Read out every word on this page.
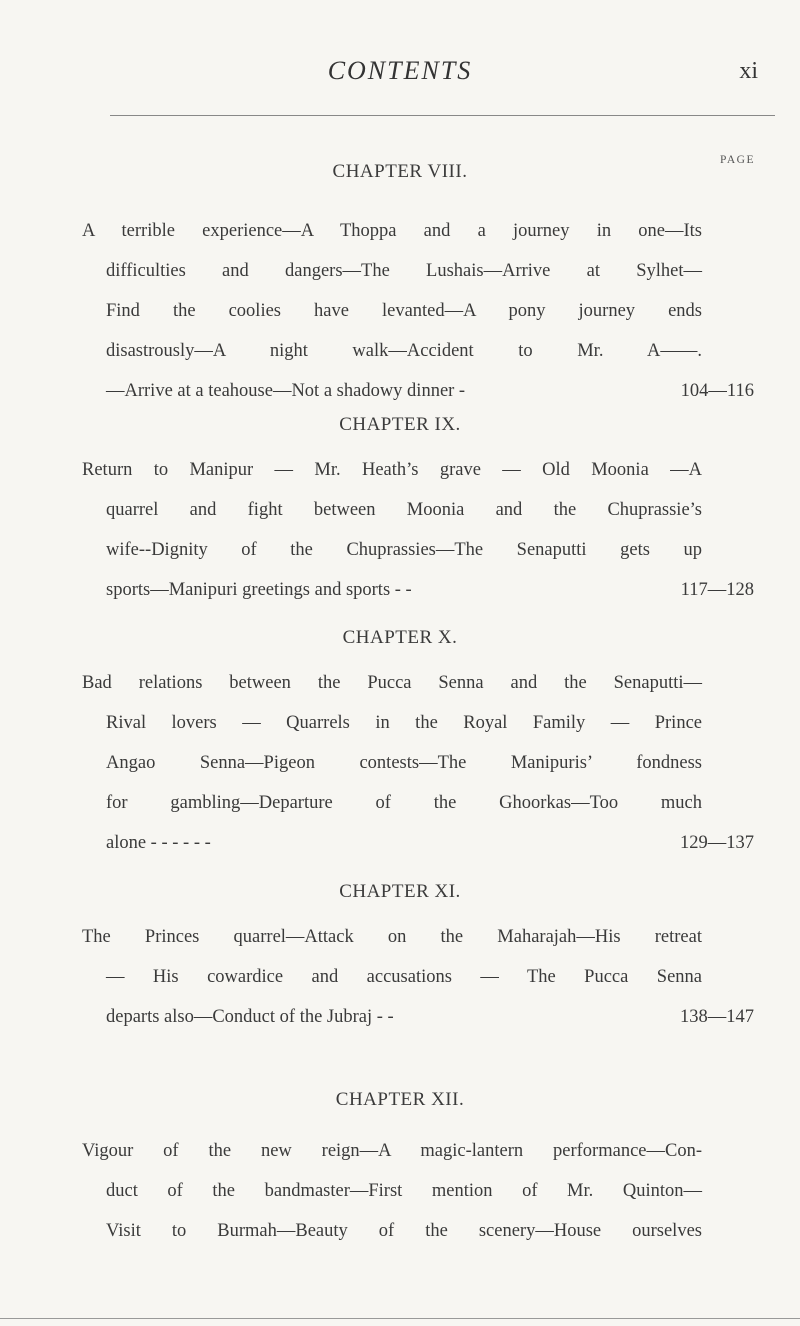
CONTENTS	xi
PAGE
CHAPTER VIII.
A terrible experience—A Thoppa and a journey in one—Its
difficulties and dangers—The Lushais—Arrive at Sylhet—
Find the coolies have levanted—A pony journey ends
disastrously—A night walk—Accident to Mr. A——.
—Arrive at a teahouse—Not a shadowy dinner -	104—116
CHAPTER IX.
Return to Manipur — Mr. Heath’s grave — Old Moonia —A
quarrel and fight between Moonia and the Chuprassie’s
wife--Dignity of the Chuprassies—The Senaputti gets up
sports—Manipuri greetings and sports - -	117—128
CHAPTER X.
Bad relations between the Pucca Senna and the Senaputti—
Rival lovers — Quarrels in the Royal Family — Prince
Angao Senna—Pigeon contests—The Manipuris’ fondness
for gambling—Departure of the Ghoorkas—Too much
alone - - - - - -	129—137
CHAPTER XI.
The Princes quarrel—Attack on the Maharajah—His retreat
— His cowardice and accusations — The Pucca Senna
departs also—Conduct of the Jubraj - -	138—147
CHAPTER XII.
Vigour of the new reign—A magic-lantern performance—Con-
duct of the bandmaster—First mention of Mr. Quinton—
Visit to Burmah—Beauty of the scenery—House ourselves
